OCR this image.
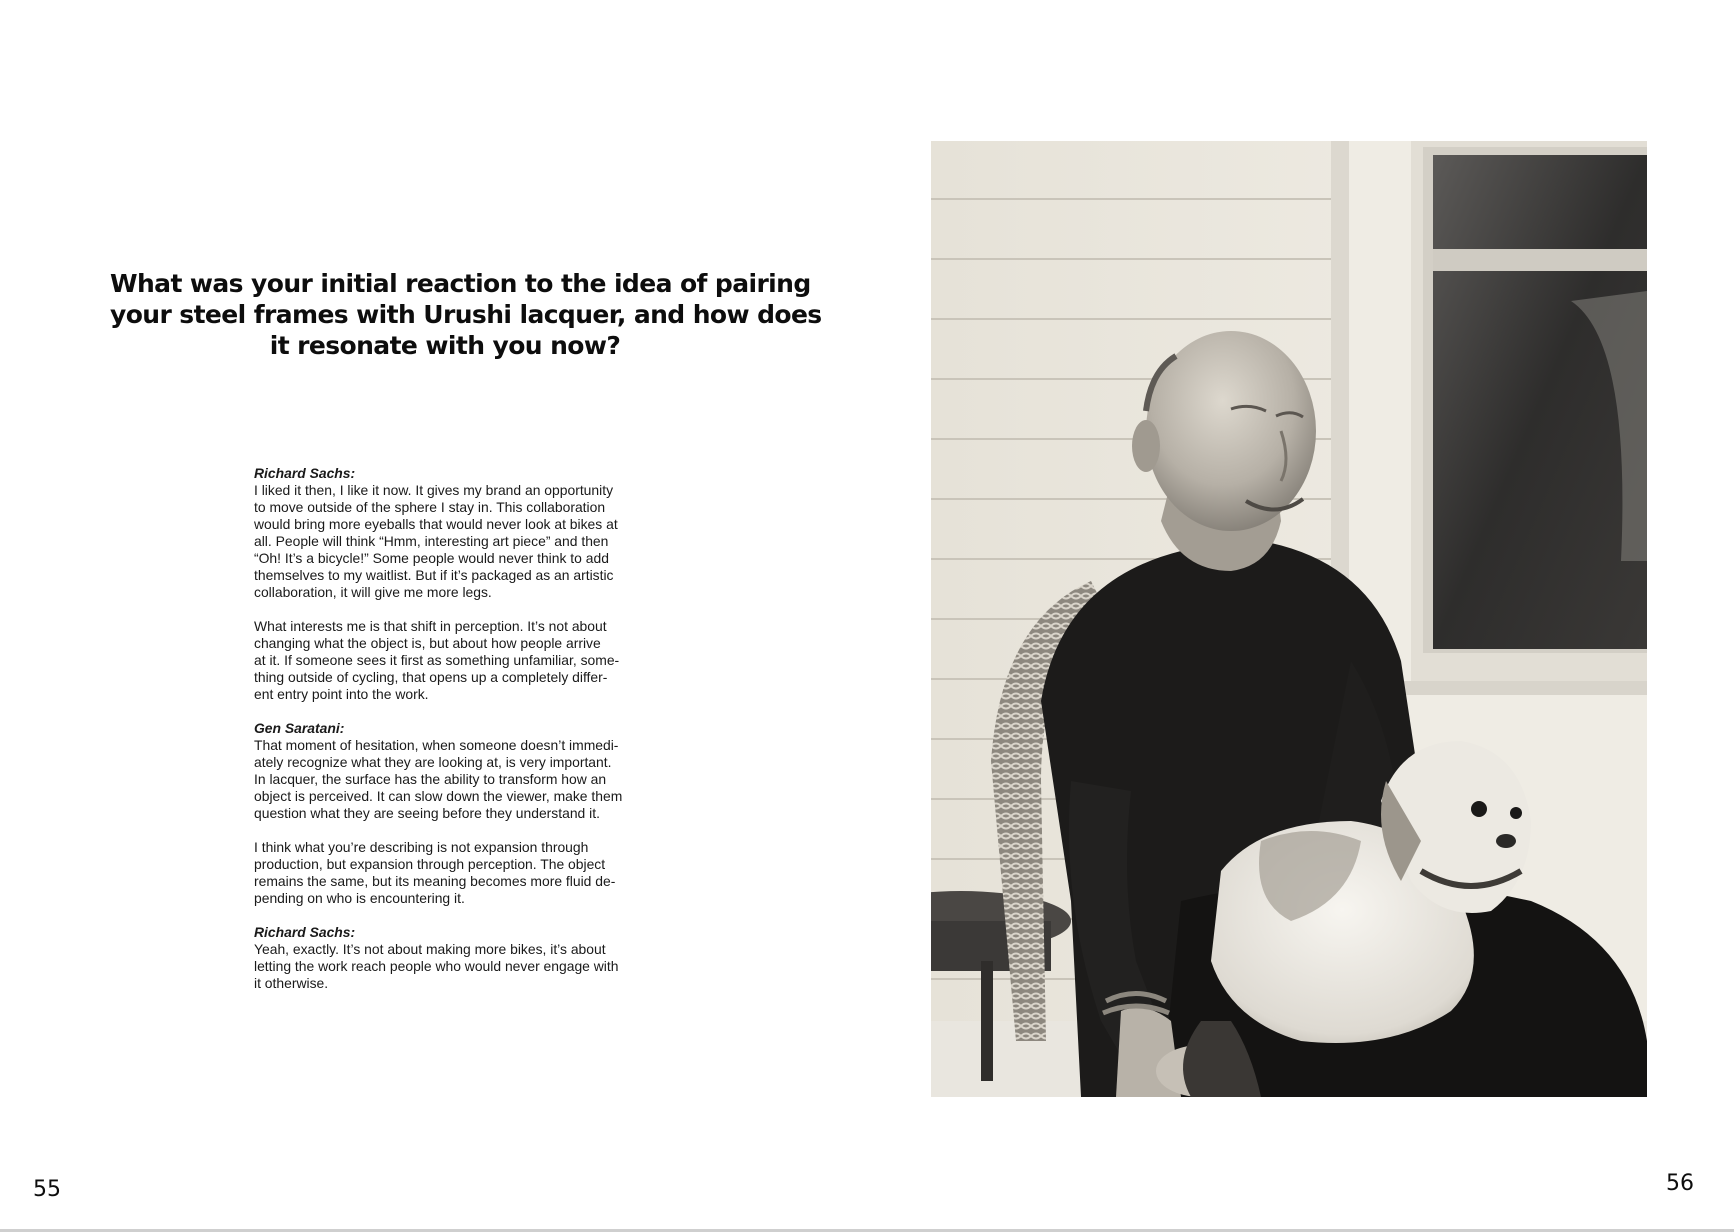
What was your initial reaction to the idea of pairing
your steel frames with Urushi lacquer, and how does
it resonate with you now?

Richard Sachs:
I liked it then, I like it now. It gives my brand an opportunity
to move outside of the sphere I stay in. This collaboration
would bring more eyeballs that would never look at bikes at
all. People will think “Hmm, interesting art piece” and then
“Oh! It’s a bicycle!” Some people would never think to add
themselves to my waitlist. But if it’s packaged as an artistic
collaboration, it will give me more legs.

What interests me is that shift in perception. It’s not about
changing what the object is, but about how people arrive
at it. If someone sees it first as something unfamiliar, some-
thing outside of cycling, that opens up a completely differ-
ent entry point into the work.

Gen Saratani:
That moment of hesitation, when someone doesn’t immedi-
ately recognize what they are looking at, is very important.
In lacquer, the surface has the ability to transform how an
object is perceived. It can slow down the viewer, make them
question what they are seeing before they understand it.

I think what you’re describing is not expansion through
production, but expansion through perception. The object
remains the same, but its meaning becomes more fluid de-
pending on who is encountering it.

Richard Sachs:
Yeah, exactly. It’s not about making more bikes, it’s about
letting the work reach people who would never engage with
it otherwise.

55	56
